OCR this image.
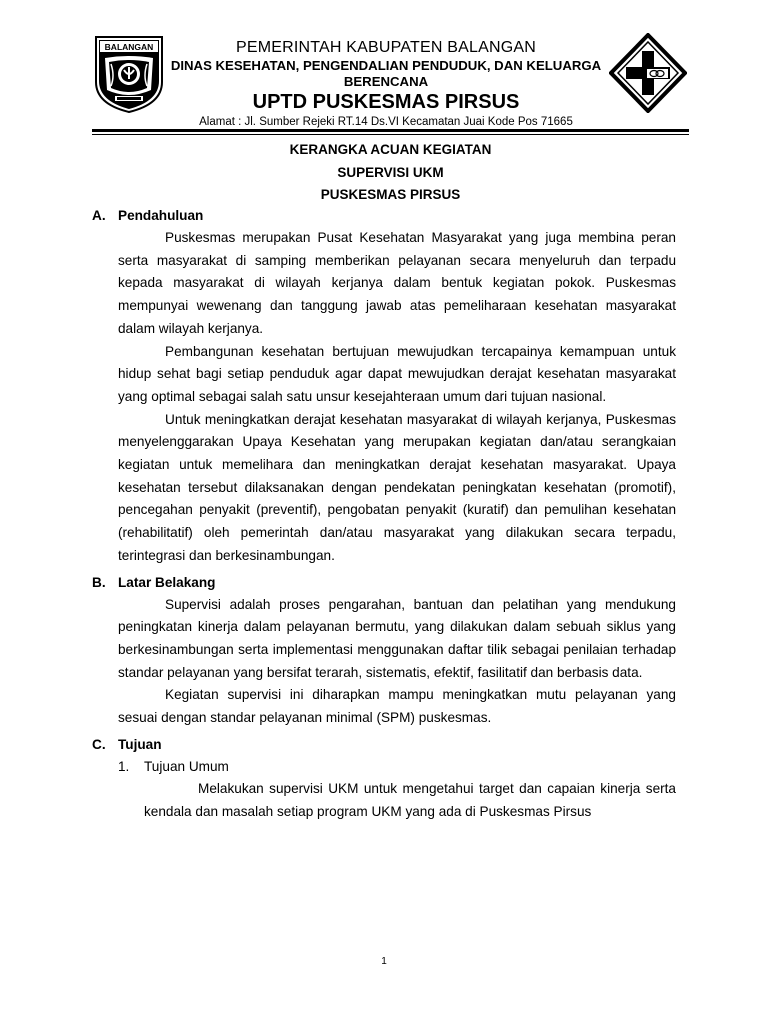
BALANGAN	PEMERINTAH KABUPATEN BALANGAN
DINAS KESEHATAN, PENGENDALIAN PENDUDUK, DAN KELUARGA BERENCANA
UPTD PUSKESMAS PIRSUS
Alamat : Jl. Sumber Rejeki RT.14 Ds.VI Kecamatan Juai Kode Pos 71665
KERANGKA ACUAN KEGIATAN
SUPERVISI UKM
PUSKESMAS PIRSUS

A. Pendahuluan

Puskesmas merupakan Pusat Kesehatan Masyarakat yang juga membina peran serta masyarakat di samping memberikan pelayanan secara menyeluruh dan terpadu kepada masyarakat di wilayah kerjanya dalam bentuk kegiatan pokok. Puskesmas mempunyai wewenang dan tanggung jawab atas pemeliharaan kesehatan masyarakat dalam wilayah kerjanya.

Pembangunan kesehatan bertujuan mewujudkan tercapainya kemampuan untuk hidup sehat bagi setiap penduduk agar dapat mewujudkan derajat kesehatan masyarakat yang optimal sebagai salah satu unsur kesejahteraan umum dari tujuan nasional.

Untuk meningkatkan derajat kesehatan masyarakat di wilayah kerjanya, Puskesmas menyelenggarakan Upaya Kesehatan yang merupakan kegiatan dan/atau serangkaian kegiatan untuk memelihara dan meningkatkan derajat kesehatan masyarakat. Upaya kesehatan tersebut dilaksanakan dengan pendekatan peningkatan kesehatan (promotif), pencegahan penyakit (preventif), pengobatan penyakit (kuratif) dan pemulihan kesehatan (rehabilitatif) oleh pemerintah dan/atau masyarakat yang dilakukan secara terpadu, terintegrasi dan berkesinambungan.

B. Latar Belakang

Supervisi adalah proses pengarahan, bantuan dan pelatihan yang mendukung peningkatan kinerja dalam pelayanan bermutu, yang dilakukan dalam sebuah siklus yang berkesinambungan serta implementasi menggunakan daftar tilik sebagai penilaian terhadap standar pelayanan yang bersifat terarah, sistematis, efektif, fasilitatif dan berbasis data.

Kegiatan supervisi ini diharapkan mampu meningkatkan mutu pelayanan yang sesuai dengan standar pelayanan minimal (SPM) puskesmas.

C. Tujuan

1. Tujuan Umum

Melakukan supervisi UKM untuk mengetahui target dan capaian kinerja serta kendala dan masalah setiap program UKM yang ada di Puskesmas Pirsus

1
